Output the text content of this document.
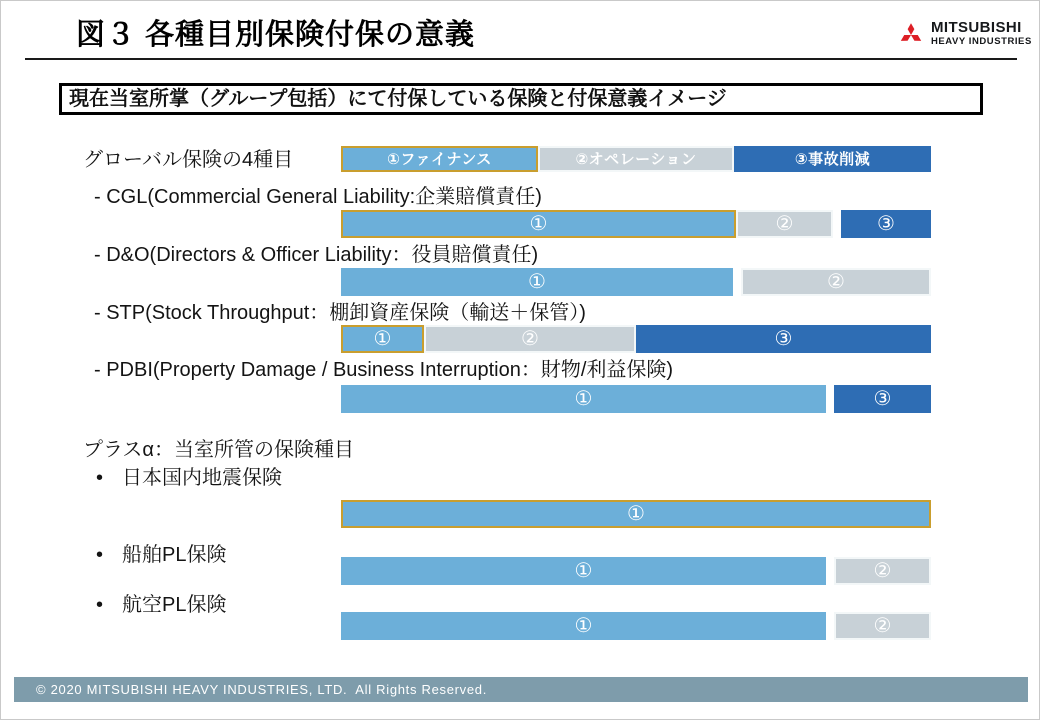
図３ 各種目別保険付保の意義	MITSUBISHI
HEAVY INDUSTRIES
現在当室所掌（グループ包括）にて付保している保険と付保意義イメージ
グローバル保険の4種目	①ファイナンス	②オペレーション	③事故削減
- CGL(Commercial General Liability:企業賠償責任)
①	②	③
- D&O(Directors & Officer Liability：役員賠償責任)
①	②
- STP(Stock Throughput：棚卸資産保険（輸送＋保管）)
①	②	③
- PDBI(Property Damage / Business Interruption：財物/利益保険)
①	③
プラスα：当室所管の保険種目
• 日本国内地震保険
①
• 船舶PL保険
①	②
• 航空PL保険
①	②
© 2020 MITSUBISHI HEAVY INDUSTRIES, LTD.  All Rights Reserved.
